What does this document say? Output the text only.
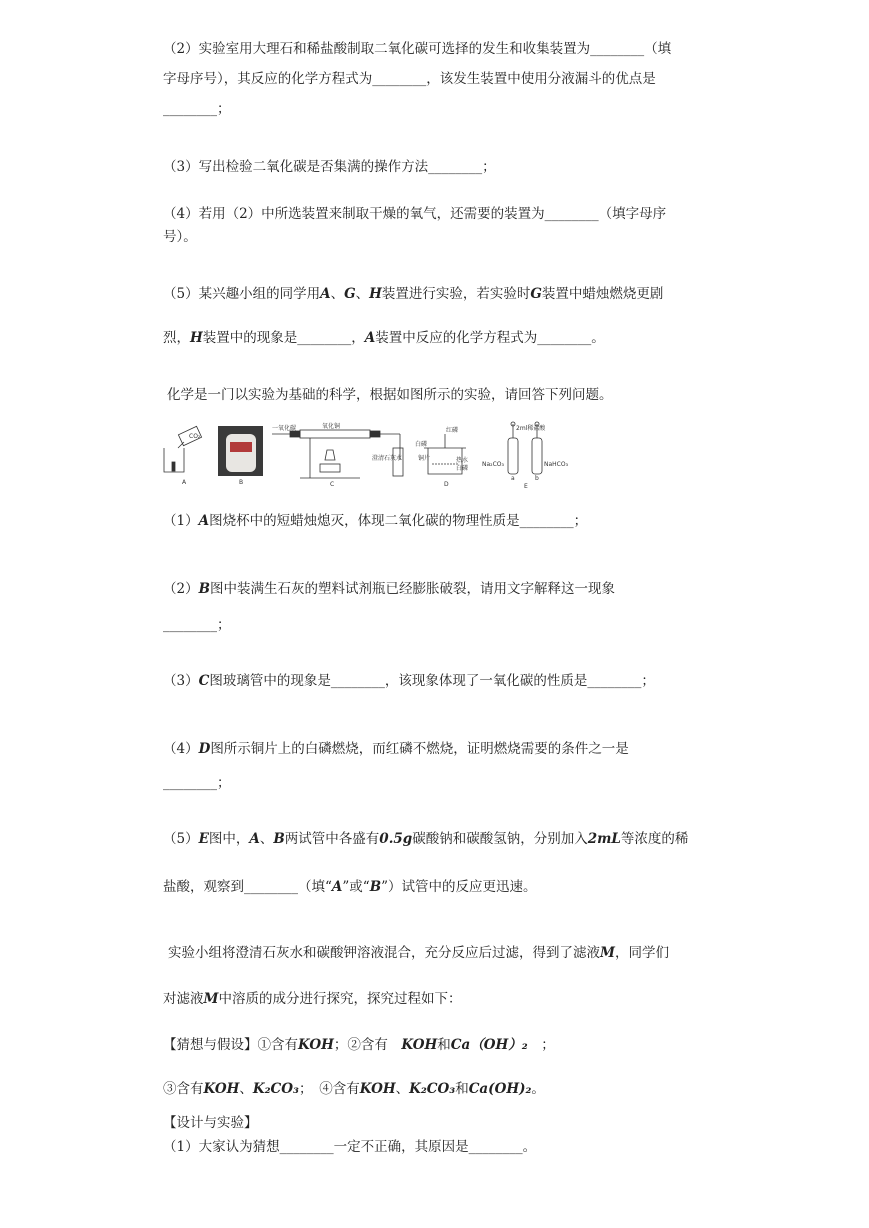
（2）实验室用大理石和稀盐酸制取二氧化碳可选择的发生和收集装置为________（填
字母序号），其反应的化学方程式为________，该发生装置中使用分液漏斗的优点是
________；
（3）写出检验二氧化碳是否集满的操作方法________；
（4）若用（2）中所选装置来制取干燥的氧气，还需要的装置为________（填字母序
号）。
（5）某兴趣小组的同学用A、G、H装置进行实验，若实验时G装置中蜡烛燃烧更剧
烈，H装置中的现象是________，A装置中反应的化学方程式为________。
化学是一门以实验为基础的科学，根据如图所示的实验，请回答下列问题。
CO₂
A	B
一氧化碳	氧化铜
澄清石灰水
C
白磷
红磷
铜片	热水
白磷
D
2ml稀盐酸
Na₂CO₃	NaHCO₃
a	b
E
（1）A图烧杯中的短蜡烛熄灭，体现二氧化碳的物理性质是________；
（2）B图中装满生石灰的塑料试剂瓶已经膨胀破裂，请用文字解释这一现象
________；
（3）C图玻璃管中的现象是________，该现象体现了一氧化碳的性质是________；
（4）D图所示铜片上的白磷燃烧，而红磷不燃烧，证明燃烧需要的条件之一是
________；
（5）E图中，A、B两试管中各盛有0.5g碳酸钠和碳酸氢钠，分别加入2mL等浓度的稀
盐酸，观察到________（填“A”或“B”）试管中的反应更迅速。
实验小组将澄清石灰水和碳酸钾溶液混合，充分反应后过滤，得到了滤液M，同学们
对滤液M中溶质的成分进行探究，探究过程如下：
【猜想与假设】①含有KOH；②含有　KOH和Ca（OH）₂　；
③含有KOH、K₂CO₃；　④含有KOH、K₂CO₃和Ca(OH)₂。
【设计与实验】
（1）大家认为猜想________一定不正确，其原因是________。
